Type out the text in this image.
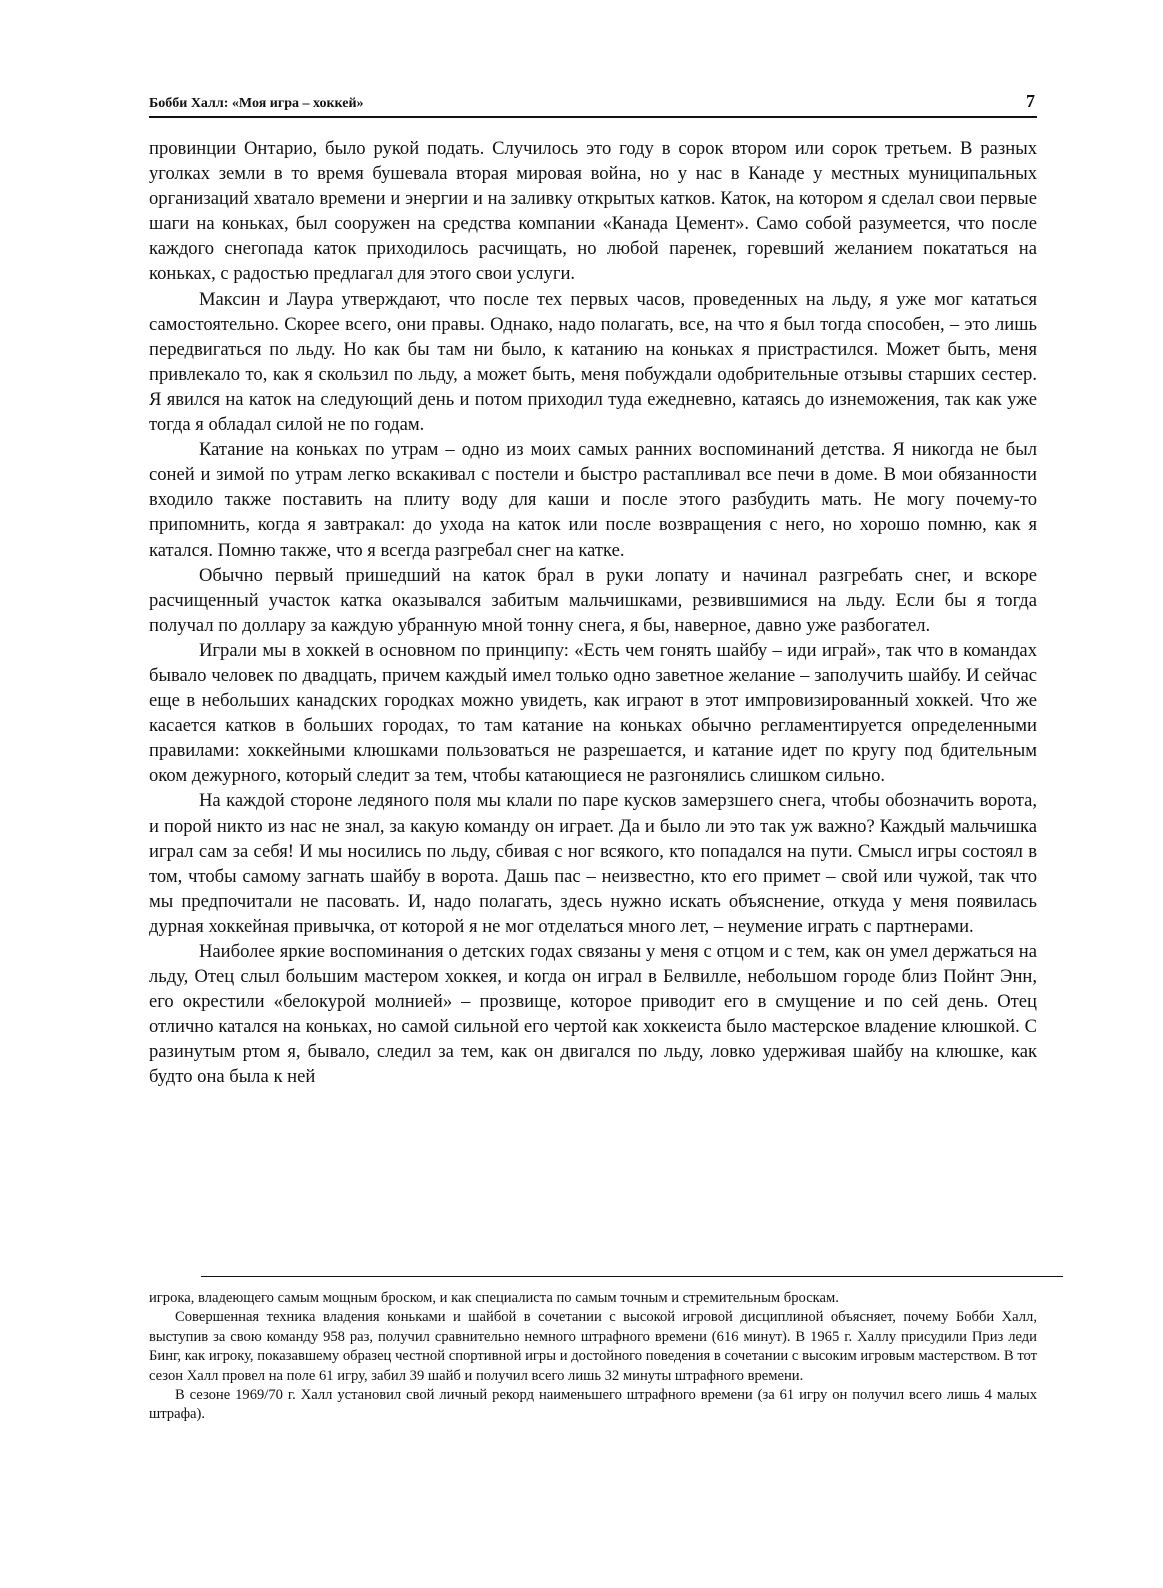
Бобби Халл: «Моя игра – хоккей»	7

провинции Онтарио, было рукой подать. Случилось это году в сорок втором или сорок третьем. В разных уголках земли в то время бушевала вторая мировая война, но у нас в Канаде у местных муниципальных организаций хватало времени и энергии и на заливку открытых катков. Каток, на котором я сделал свои первые шаги на коньках, был сооружен на средства компании «Канада Цемент». Само собой разумеется, что после каждого снегопада каток приходилось расчищать, но любой паренек, горевший желанием покататься на коньках, с радостью предлагал для этого свои услуги.

Максин и Лаура утверждают, что после тех первых часов, проведенных на льду, я уже мог кататься самостоятельно. Скорее всего, они правы. Однако, надо полагать, все, на что я был тогда способен, – это лишь передвигаться по льду. Но как бы там ни было, к катанию на коньках я пристрастился. Может быть, меня привлекало то, как я скользил по льду, а может быть, меня побуждали одобрительные отзывы старших сестер. Я явился на каток на следующий день и потом приходил туда ежедневно, катаясь до изнеможения, так как уже тогда я обладал силой не по годам.

Катание на коньках по утрам – одно из моих самых ранних воспоминаний детства. Я никогда не был соней и зимой по утрам легко вскакивал с постели и быстро растапливал все печи в доме. В мои обязанности входило также поставить на плиту воду для каши и после этого разбудить мать. Не могу почему-то припомнить, когда я завтракал: до ухода на каток или после возвращения с него, но хорошо помню, как я катался. Помню также, что я всегда разгребал снег на катке.

Обычно первый пришедший на каток брал в руки лопату и начинал разгребать снег, и вскоре расчищенный участок катка оказывался забитым мальчишками, резвившимися на льду. Если бы я тогда получал по доллару за каждую убранную мной тонну снега, я бы, наверное, давно уже разбогател.

Играли мы в хоккей в основном по принципу: «Есть чем гонять шайбу – иди играй», так что в командах бывало человек по двадцать, причем каждый имел только одно заветное желание – заполучить шайбу. И сейчас еще в небольших канадских городках можно увидеть, как играют в этот импровизированный хоккей. Что же касается катков в больших городах, то там катание на коньках обычно регламентируется определенными правилами: хоккейными клюшками пользоваться не разрешается, и катание идет по кругу под бдительным оком дежурного, который следит за тем, чтобы катающиеся не разгонялись слишком сильно.

На каждой стороне ледяного поля мы клали по паре кусков замерзшего снега, чтобы обозначить ворота, и порой никто из нас не знал, за какую команду он играет. Да и было ли это так уж важно? Каждый мальчишка играл сам за себя! И мы носились по льду, сбивая с ног всякого, кто попадался на пути. Смысл игры состоял в том, чтобы самому загнать шайбу в ворота. Дашь пас – неизвестно, кто его примет – свой или чужой, так что мы предпочитали не пасовать. И, надо полагать, здесь нужно искать объяснение, откуда у меня появилась дурная хоккейная привычка, от которой я не мог отделаться много лет, – неумение играть с партнерами.

Наиболее яркие воспоминания о детских годах связаны у меня с отцом и с тем, как он умел держаться на льду, Отец слыл большим мастером хоккея, и когда он играл в Белвилле, небольшом городе близ Пойнт Энн, его окрестили «белокурой молнией» – прозвище, которое приводит его в смущение и по сей день. Отец отлично катался на коньках, но самой сильной его чертой как хоккеиста было мастерское владение клюшкой. С разинутым ртом я, бывало, следил за тем, как он двигался по льду, ловко удерживая шайбу на клюшке, как будто она была к ней

игрока, владеющего самым мощным броском, и как специалиста по самым точным и стремительным броскам.

Совершенная техника владения коньками и шайбой в сочетании с высокой игровой дисциплиной объясняет, почему Бобби Халл, выступив за свою команду 958 раз, получил сравнительно немного штрафного времени (616 минут). В 1965 г. Халлу присудили Приз леди Бинг, как игроку, показавшему образец честной спортивной игры и достойного поведения в сочетании с высоким игровым мастерством. В тот сезон Халл провел на поле 61 игру, забил 39 шайб и получил всего лишь 32 минуты штрафного времени.

В сезоне 1969/70 г. Халл установил свой личный рекорд наименьшего штрафного времени (за 61 игру он получил всего лишь 4 малых штрафа).
